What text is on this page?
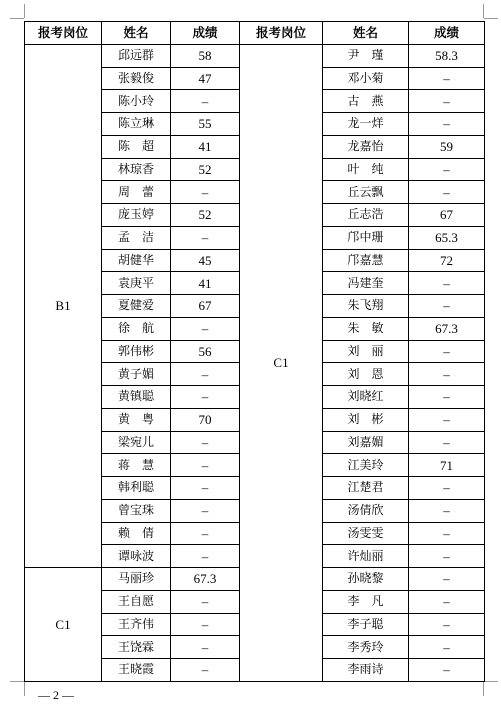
报考岗位	姓名	成绩	报考岗位	姓名	成绩
B1	邱远群	58	C1	尹　瑾	58.3
	张毅俊	47		邓小菊	–
	陈小玲	–		古　燕	–
	陈立琳	55		龙一烊	–
	陈　超	41		龙嘉怡	59
	林琼香	52		叶　纯	–
	周　蕾	–		丘云飘	–
	庞玉婷	52		丘志浩	67
	孟　洁	–		邝中珊	65.3
	胡健华	45		邝嘉慧	72
	袁庚平	41		冯建奎	–
	夏健爱	67		朱飞翔	–
	徐　航	–		朱　敏	67.3
	郭伟彬	56		刘　丽	–
	黄子媚	–		刘　恩	–
	黄镇聪	–		刘晓红	–
	黄　粤	70		刘　彬	–
	梁宛儿	–		刘嘉媚	–
	蒋　慧	–		江美玲	71
	韩利聪	–		江楚君	–
	曾宝珠	–		汤倩欣	–
	赖　倩	–		汤雯雯	–
	谭咏波	–		许灿丽	–
C1	马丽珍	67.3		孙晓黎	–
	王自愿	–		李　凡	–
	王齐伟	–		李子聪	–
	王饶霖	–		李秀玲	–
	王晓霞	–		李雨诗	–
— 2 —
